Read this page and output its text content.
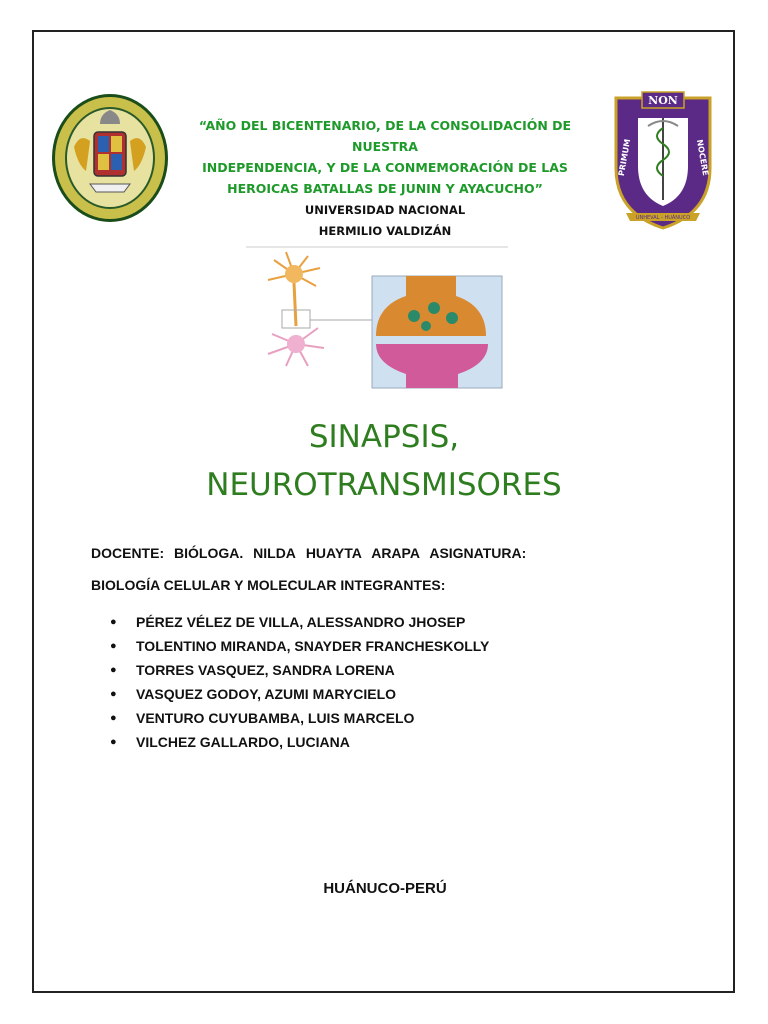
NON
PRIMUM	NOCERE
UNHEVAL - HUÁNUCO
“AÑO DEL BICENTENARIO, DE LA CONSOLIDACIÓN DE NUESTRA
INDEPENDENCIA, Y DE LA CONMEMORACIÓN DE LAS
HEROICAS BATALLAS DE JUNIN Y AYACUCHO”
UNIVERSIDAD NACIONAL
HERMILIO VALDIZÁN
SINAPSIS,
NEUROTRANSMISORES
DOCENTE: BIÓLOGA. NILDA HUAYTA ARAPA ASIGNATURA:
BIOLOGÍA CELULAR Y MOLECULAR INTEGRANTES:
●	PÉREZ VÉLEZ DE VILLA, ALESSANDRO JHOSEP
●	TOLENTINO MIRANDA, SNAYDER FRANCHESKOLLY
●	TORRES VASQUEZ, SANDRA LORENA
●	VASQUEZ GODOY, AZUMI MARYCIELO
●	VENTURO CUYUBAMBA, LUIS MARCELO
●	VILCHEZ GALLARDO, LUCIANA
HUÁNUCO-PERÚ
